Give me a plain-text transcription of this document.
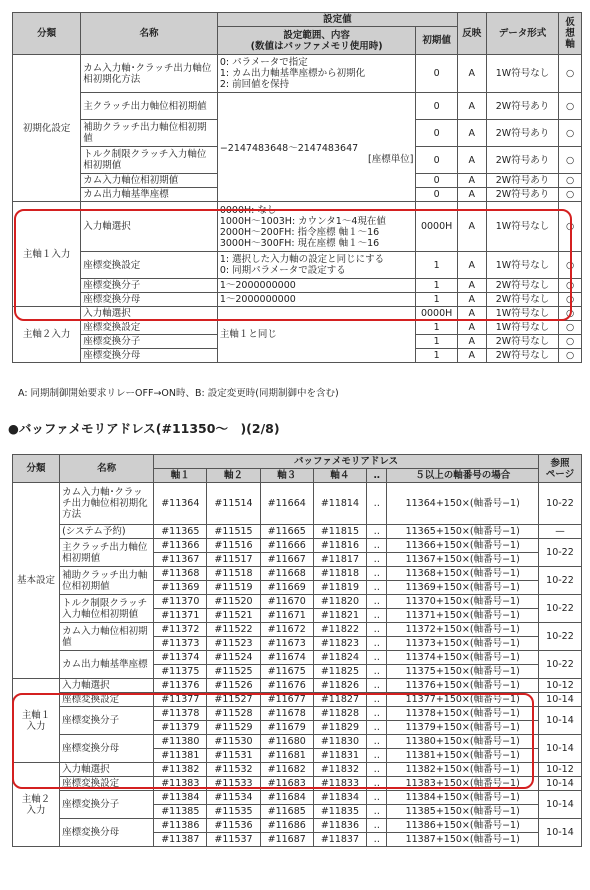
分類	名称	設定値		反映	データ形式	仮想軸
		設定範囲、内容
(数値はバッファメモリ使用時)	初期値			
初期化設定	カム入力軸･クラッチ出力軸位相初期化方法	0: パラメータで指定
1: カム出力軸基準座標から初期化
2: 前回値を保持	0	A	1W符号なし	○
	主クラッチ出力軸位相初期値	−2147483648～2147483647
[座標単位]	0	A	2W符号あり	○
	補助クラッチ出力軸位相初期値		0	A	2W符号あり	○
	トルク制限クラッチ入力軸位相初期値		0	A	2W符号あり	○
	カム入力軸位相初期値		0	A	2W符号あり	○
	カム出力軸基準座標		0	A	2W符号あり	○
主軸１入力	入力軸選択	0000H: なし
1000H～1003H: カウンタ1～4現在値
2000H～200FH: 指令座標 軸１～16
3000H～300FH: 現在座標 軸１～16	0000H	A	1W符号なし	○
	座標変換設定	1: 選択した入力軸の設定と同じにする
0: 同期パラメータで設定する	1	A	1W符号なし	○
	座標変換分子	1～2000000000	1	A	2W符号なし	○
	座標変換分母	1～2000000000	1	A	2W符号なし	○
主軸２入力	入力軸選択	主軸１と同じ	0000H	A	1W符号なし	○
	座標変換設定		1	A	1W符号なし	○
	座標変換分子		1	A	2W符号なし	○
	座標変換分母		1	A	2W符号なし	○
A: 同期制御開始要求リレーOFF→ON時、B: 設定変更時(同期制御中を含む)
●バッファメモリアドレス(#11350～　)(2/8)
分類	名称	バッファメモリアドレス						参照
ページ
		軸１	軸２	軸３	軸４	‥	５以上の軸番号の場合	
基本設定	カム入力軸･クラッチ出力軸位相初期化方法	#11364	#11514	#11664	#11814	‥	11364+150×(軸番号−1)	10-22
	(システム予約)	#11365	#11515	#11665	#11815	‥	11365+150×(軸番号−1)	—
	主クラッチ出力軸位相初期値	#11366	#11516	#11666	#11816	‥	11366+150×(軸番号−1)	10-22
		#11367	#11517	#11667	#11817	‥	11367+150×(軸番号−1)	
	補助クラッチ出力軸位相初期値	#11368	#11518	#11668	#11818	‥	11368+150×(軸番号−1)	10-22
		#11369	#11519	#11669	#11819	‥	11369+150×(軸番号−1)	
	トルク制限クラッチ入力軸位相初期値	#11370	#11520	#11670	#11820	‥	11370+150×(軸番号−1)	10-22
		#11371	#11521	#11671	#11821	‥	11371+150×(軸番号−1)	
	カム入力軸位相初期値	#11372	#11522	#11672	#11822	‥	11372+150×(軸番号−1)	10-22
		#11373	#11523	#11673	#11823	‥	11373+150×(軸番号−1)	
	カム出力軸基準座標	#11374	#11524	#11674	#11824	‥	11374+150×(軸番号−1)	10-22
		#11375	#11525	#11675	#11825	‥	11375+150×(軸番号−1)	
主軸１
入力	入力軸選択	#11376	#11526	#11676	#11826	‥	11376+150×(軸番号−1)	10-12
	座標変換設定	#11377	#11527	#11677	#11827	‥	11377+150×(軸番号−1)	10-14
	座標変換分子	#11378	#11528	#11678	#11828	‥	11378+150×(軸番号−1)	10-14
		#11379	#11529	#11679	#11829	‥	11379+150×(軸番号−1)	
	座標変換分母	#11380	#11530	#11680	#11830	‥	11380+150×(軸番号−1)	10-14
		#11381	#11531	#11681	#11831	‥	11381+150×(軸番号−1)	
主軸２
入力	入力軸選択	#11382	#11532	#11682	#11832	‥	11382+150×(軸番号−1)	10-12
	座標変換設定	#11383	#11533	#11683	#11833	‥	11383+150×(軸番号−1)	10-14
	座標変換分子	#11384	#11534	#11684	#11834	‥	11384+150×(軸番号−1)	10-14
		#11385	#11535	#11685	#11835	‥	11385+150×(軸番号−1)	
	座標変換分母	#11386	#11536	#11686	#11836	‥	11386+150×(軸番号−1)	10-14
		#11387	#11537	#11687	#11837	‥	11387+150×(軸番号−1)	
